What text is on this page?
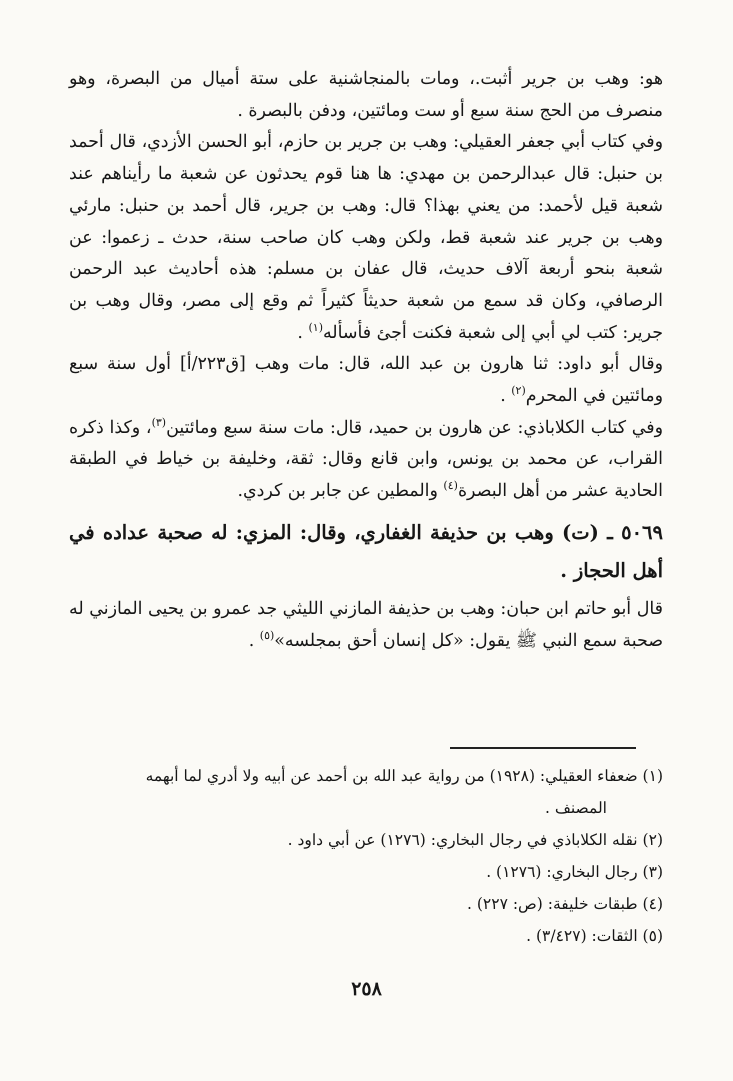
هو: وهب بن جرير أثبت.، ومات بالمنجاشنية على ستة أميال من البصرة، وهو منصرف من الحج سنة سبع أو ست ومائتين، ودفن بالبصرة .

وفي كتاب أبي جعفر العقيلي: وهب بن جرير بن حازم، أبو الحسن الأزدي، قال أحمد بن حنبل: قال عبدالرحمن بن مهدي: ها هنا قوم يحدثون عن شعبة ما رأيناهم عند شعبة قيل لأحمد: من يعني بهذا؟ قال: وهب بن جرير، قال أحمد بن حنبل: مارئي وهب بن جرير عند شعبة قط، ولكن وهب كان صاحب سنة، حدث ـ زعموا: عن شعبة بنحو أربعة آلاف حديث، قال عفان بن مسلم: هذه أحاديث عبد الرحمن الرصافي، وكان قد سمع من شعبة حديثاً كثيراً ثم وقع إلى مصر، وقال وهب بن جرير: كتب لي أبي إلى شعبة فكنت أجئ فأسأله$^{(١)}$ .

وقال أبو داود: ثنا هارون بن عبد الله، قال: مات وهب [ق٢٢٣/أ] أول سنة سبع ومائتين في المحرم$^{(٢)}$ .

وفي كتاب الكلاباذي: عن هارون بن حميد، قال: مات سنة سبع ومائتين$^{(٣)}$، وكذا ذكره القراب، عن محمد بن يونس، وابن قانع وقال: ثقة، وخليفة بن خياط في الطبقة الحادية عشر من أهل البصرة$^{(٤)}$ والمطين عن جابر بن كردي.

٥٠٦٩ ـ (ت) وهب بن حذيفة الغفاري، وقال: المزي: له صحبة عداده في أهل الحجاز .

قال أبو حاتم ابن حبان: وهب بن حذيفة المازني الليثي جد عمرو بن يحيى المازني له صحبة سمع النبي ﷺ يقول: «كل إنسان أحق بمجلسه»$^{(٥)}$ .

(١) ضعفاء العقيلي: (١٩٢٨) من رواية عبد الله بن أحمد عن أبيه ولا أدري لما أبهمه

المصنف .

(٢) نقله الكلاباذي في رجال البخاري: (١٢٧٦) عن أبي داود .

(٣) رجال البخاري: (١٢٧٦) .

(٤) طبقات خليفة: (ص: ٢٢٧) .

(٥) الثقات: (٣/٤٢٧) .

٢٥٨
